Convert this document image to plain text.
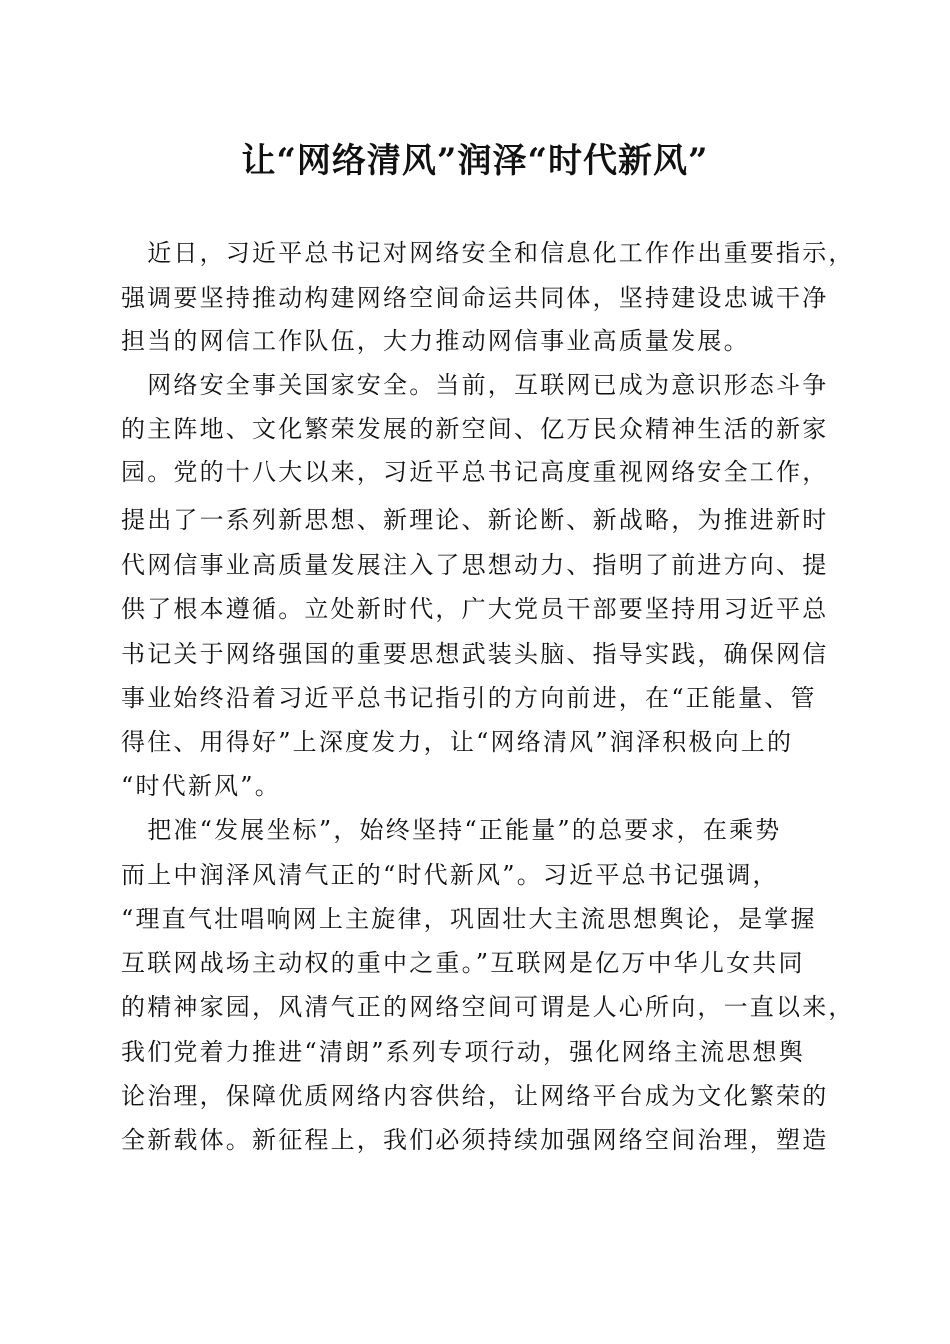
让“网络清风”润泽“时代新风”
　近日，习近平总书记对网络安全和信息化工作作出重要指示，
强调要坚持推动构建网络空间命运共同体，坚持建设忠诚干净
担当的网信工作队伍，大力推动网信事业高质量发展。
　网络安全事关国家安全。当前，互联网已成为意识形态斗争
的主阵地、文化繁荣发展的新空间、亿万民众精神生活的新家
园。党的十八大以来，习近平总书记高度重视网络安全工作，
提出了一系列新思想、新理论、新论断、新战略，为推进新时
代网信事业高质量发展注入了思想动力、指明了前进方向、提
供了根本遵循。立处新时代，广大党员干部要坚持用习近平总
书记关于网络强国的重要思想武装头脑、指导实践，确保网信
事业始终沿着习近平总书记指引的方向前进，在“正能量、管
得住、用得好”上深度发力，让“网络清风”润泽积极向上的
“时代新风”。
　把准“发展坐标”，始终坚持“正能量”的总要求，在乘势
而上中润泽风清气正的“时代新风”。习近平总书记强调，
“理直气壮唱响网上主旋律，巩固壮大主流思想舆论，是掌握
互联网战场主动权的重中之重。”互联网是亿万中华儿女共同
的精神家园，风清气正的网络空间可谓是人心所向，一直以来，
我们党着力推进“清朗”系列专项行动，强化网络主流思想舆
论治理，保障优质网络内容供给，让网络平台成为文化繁荣的
全新载体。新征程上，我们必须持续加强网络空间治理，塑造
